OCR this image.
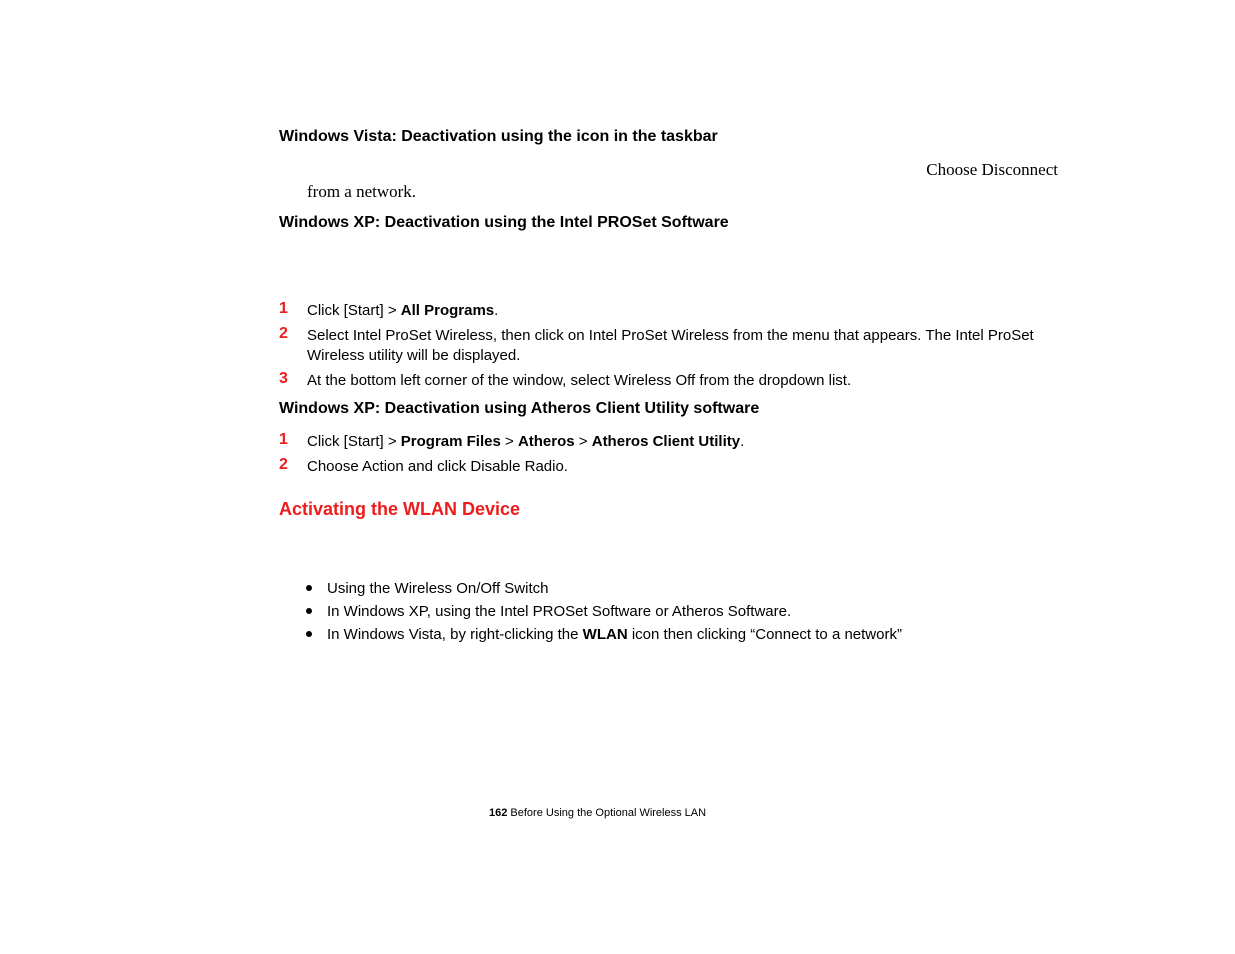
Windows Vista: Deactivation using the icon in the taskbar
Choose Disconnect
from a network.
Windows XP: Deactivation using the Intel PROSet Software
1 Click [Start] > All Programs.
2 Select Intel ProSet Wireless, then click on Intel ProSet Wireless from the menu that appears. The Intel ProSet Wireless utility will be displayed.
3 At the bottom left corner of the window, select Wireless Off from the dropdown list.
Windows XP: Deactivation using Atheros Client Utility software
1 Click [Start] > Program Files > Atheros > Atheros Client Utility.
2 Choose Action and click Disable Radio.
Activating the WLAN Device
Using the Wireless On/Off Switch
In Windows XP, using the Intel PROSet Software or Atheros Software.
In Windows Vista, by right-clicking the WLAN icon then clicking “Connect to a network”
162 Before Using the Optional Wireless LAN
